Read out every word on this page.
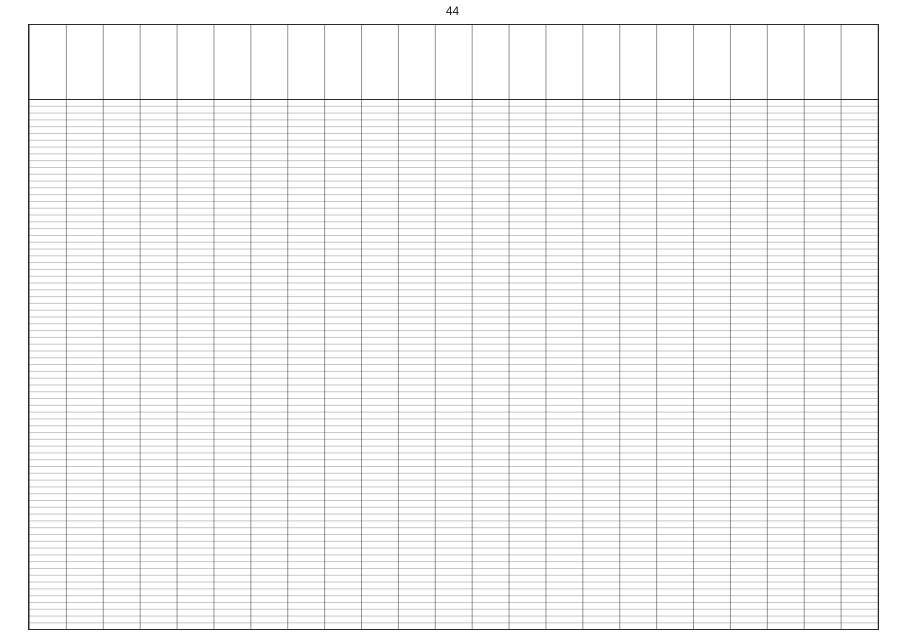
44
